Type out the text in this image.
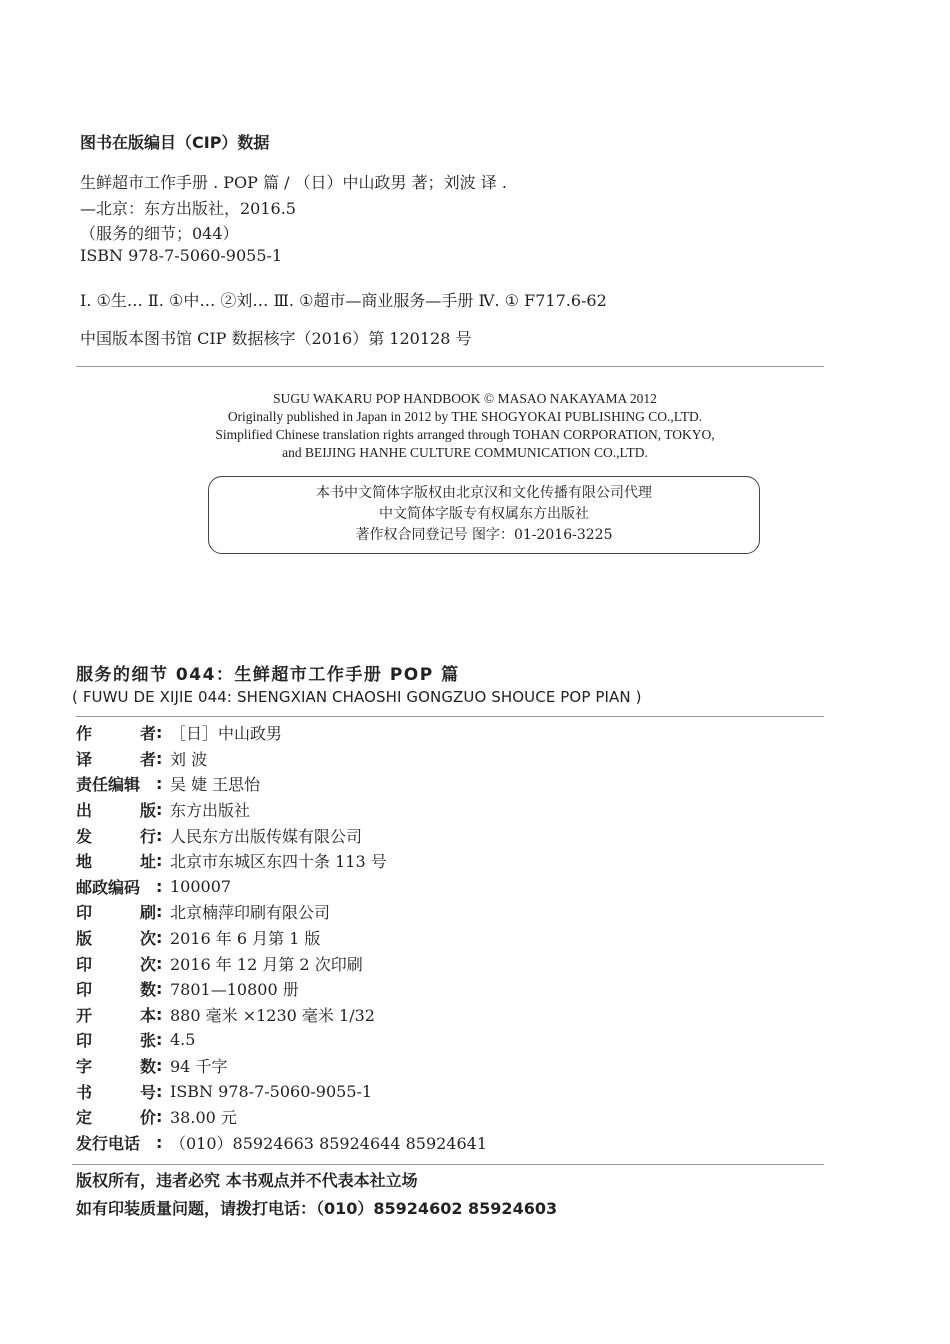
图书在版编目（CIP）数据
生鲜超市工作手册 . POP 篇 / （日）中山政男 著；刘波 译 .
—北京：东方出版社，2016.5
（服务的细节；044）
ISBN 978-7-5060-9055-1
Ⅰ. ①生… Ⅱ. ①中… ②刘… Ⅲ. ①超市—商业服务—手册 Ⅳ. ① F717.6-62
中国版本图书馆 CIP 数据核字（2016）第 120128 号
SUGU WAKARU POP HANDBOOK © MASAO NAKAYAMA 2012
Originally published in Japan in 2012 by THE SHOGYOKAI PUBLISHING CO.,LTD.
Simplified Chinese translation rights arranged through TOHAN CORPORATION, TOKYO,
and BEIJING HANHE CULTURE COMMUNICATION CO.,LTD.
本书中文简体字版权由北京汉和文化传播有限公司代理
中文简体字版专有权属东方出版社
著作权合同登记号 图字：01-2016-3225
服务的细节 044：生鲜超市工作手册 POP 篇
( FUWU DE XIJIE 044: SHENGXIAN CHAOSHI GONGZUO SHOUCE POP PIAN )
作	者 : ［日］中山政男
译	者 : 刘 波
责任编辑 : 吴 婕 王思怡
出	版 : 东方出版社
发	行 : 人民东方出版传媒有限公司
地	址 : 北京市东城区东四十条 113 号
邮政编码 : 100007
印	刷 : 北京楠萍印刷有限公司
版	次 : 2016 年 6 月第 1 版
印	次 : 2016 年 12 月第 2 次印刷
印	数 : 7801—10800 册
开	本 : 880 毫米 ×1230 毫米 1/32
印	张 : 4.5
字	数 : 94 千字
书	号 : ISBN 978-7-5060-9055-1
定	价 : 38.00 元
发行电话 : （010）85924663 85924644 85924641
版权所有，违者必究 本书观点并不代表本社立场
如有印装质量问题，请拨打电话：（010）85924602 85924603
